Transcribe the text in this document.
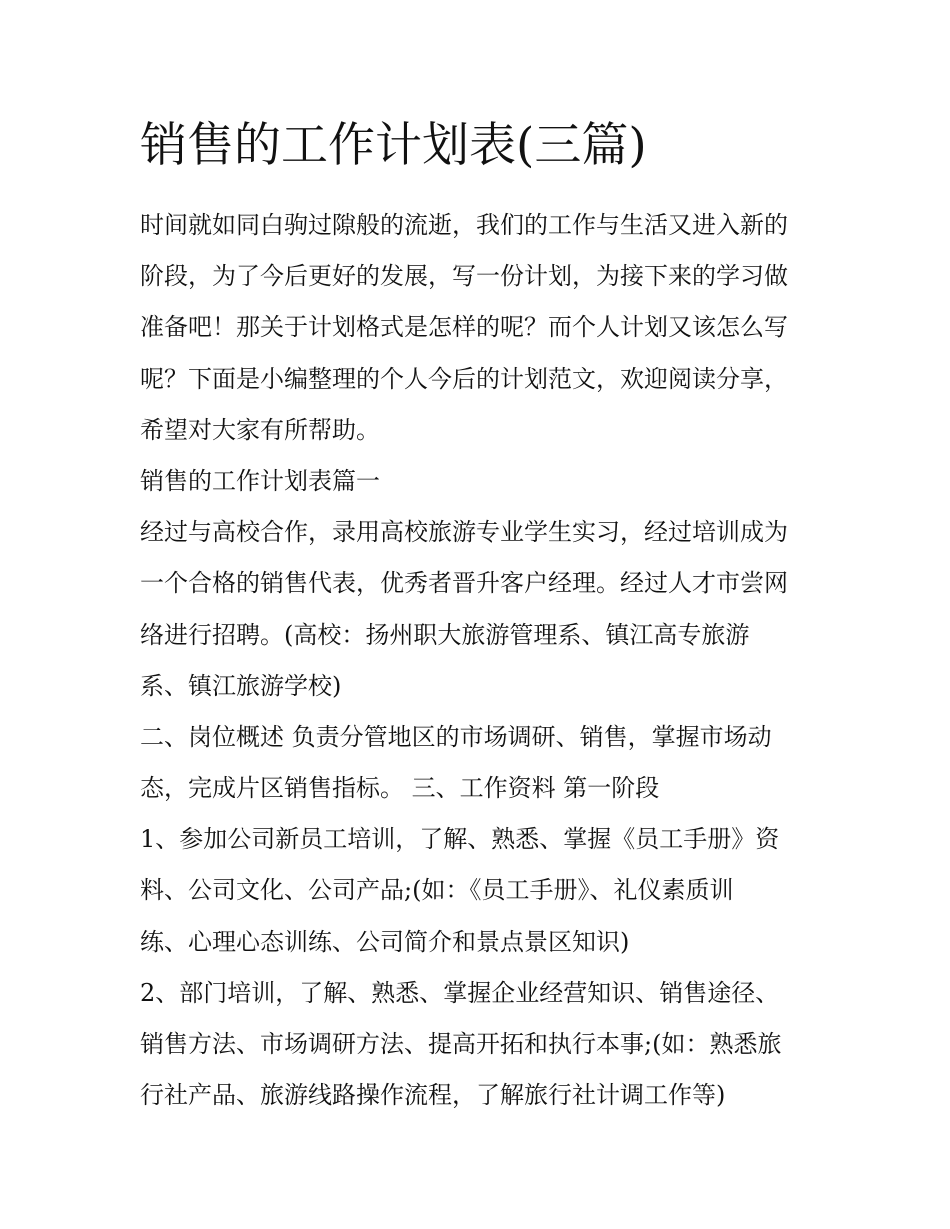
销售的工作计划表(三篇)

时间就如同白驹过隙般的流逝，我们的工作与生活又进入新的

阶段，为了今后更好的发展，写一份计划，为接下来的学习做

准备吧！那关于计划格式是怎样的呢？而个人计划又该怎么写

呢？下面是小编整理的个人今后的计划范文，欢迎阅读分享，

希望对大家有所帮助。

销售的工作计划表篇一

经过与高校合作，录用高校旅游专业学生实习，经过培训成为

一个合格的销售代表，优秀者晋升客户经理。经过人才市尝网

络进行招聘。(高校：扬州职大旅游管理系、镇江高专旅游

系、镇江旅游学校)

二、岗位概述 负责分管地区的市场调研、销售，掌握市场动

态，完成片区销售指标。 三、工作资料 第一阶段

1、参加公司新员工培训，了解、熟悉、掌握《员工手册》资

料、公司文化、公司产品;(如：《员工手册》、礼仪素质训

练、心理心态训练、公司简介和景点景区知识)

2、部门培训，了解、熟悉、掌握企业经营知识、销售途径、

销售方法、市场调研方法、提高开拓和执行本事;(如：熟悉旅

行社产品、旅游线路操作流程，了解旅行社计调工作等)
